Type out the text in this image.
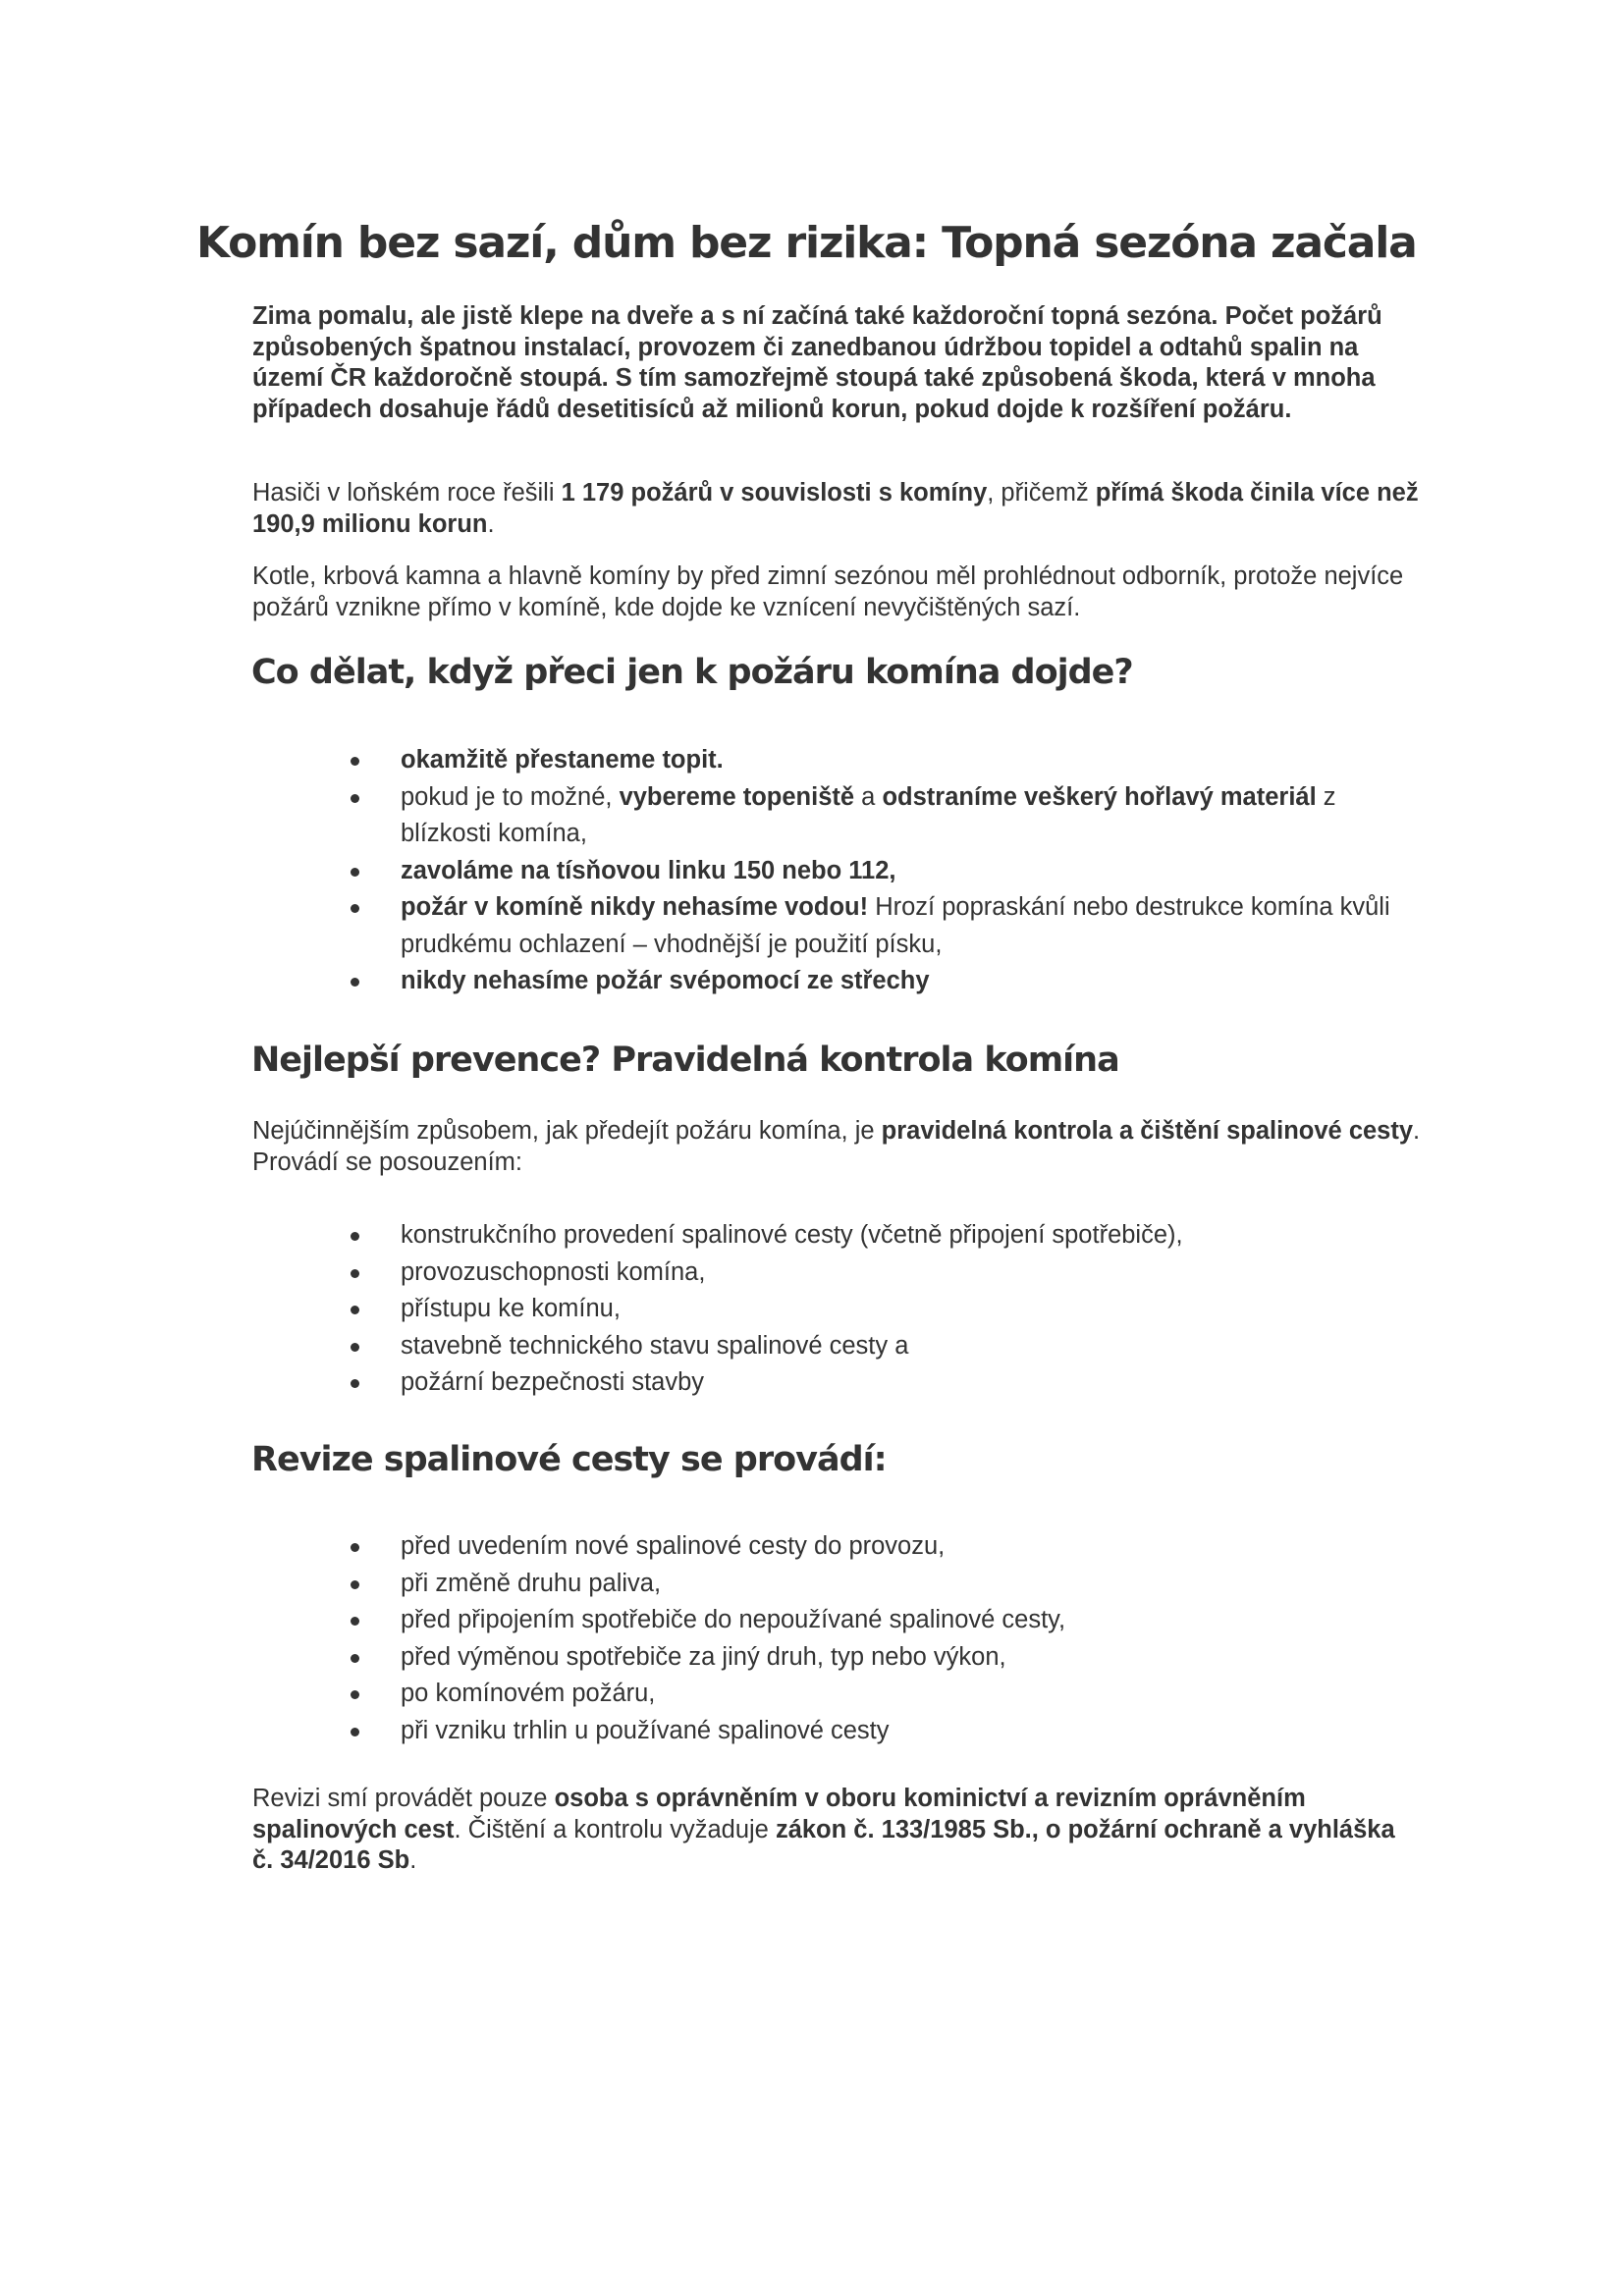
Komín bez sazí, dům bez rizika: Topná sezóna začala

Zima pomalu, ale jistě klepe na dveře a s ní začíná také každoroční topná sezóna. Počet požárů způsobených špatnou instalací, provozem či zanedbanou údržbou topidel a odtahů spalin na území ČR každoročně stoupá. S tím samozřejmě stoupá také způsobená škoda, která v mnoha případech dosahuje řádů desetitisíců až milionů korun, pokud dojde k rozšíření požáru.

Hasiči v loňském roce řešili 1 179 požárů v souvislosti s komíny, přičemž přímá škoda činila více než 190,9 milionu korun.

Kotle, krbová kamna a hlavně komíny by před zimní sezónou měl prohlédnout odborník, protože nejvíce požárů vznikne přímo v komíně, kde dojde ke vznícení nevyčištěných sazí.

Co dělat, když přeci jen k požáru komína dojde?
okamžitě přestaneme topit.
pokud je to možné, vybereme topeniště a odstraníme veškerý hořlavý materiál z blízkosti komína,
zavoláme na tísňovou linku 150 nebo 112,
požár v komíně nikdy nehasíme vodou! Hrozí popraskání nebo destrukce komína kvůli prudkému ochlazení – vhodnější je použití písku,
nikdy nehasíme požár svépomocí ze střechy
Nejlepší prevence? Pravidelná kontrola komína

Nejúčinnějším způsobem, jak předejít požáru komína, je pravidelná kontrola a čištění spalinové cesty. Provádí se posouzením:

konstrukčního provedení spalinové cesty (včetně připojení spotřebiče),
provozuschopnosti komína,
přístupu ke komínu,
stavebně technického stavu spalinové cesty a
požární bezpečnosti stavby
Revize spalinové cesty se provádí:
před uvedením nové spalinové cesty do provozu,
při změně druhu paliva,
před připojením spotřebiče do nepoužívané spalinové cesty,
před výměnou spotřebiče za jiný druh, typ nebo výkon,
po komínovém požáru,
při vzniku trhlin u používané spalinové cesty

Revizi smí provádět pouze osoba s oprávněním v oboru kominictví a revizním oprávněním spalinových cest. Čištění a kontrolu vyžaduje zákon č. 133/1985 Sb., o požární ochraně a vyhláška č. 34/2016 Sb.
